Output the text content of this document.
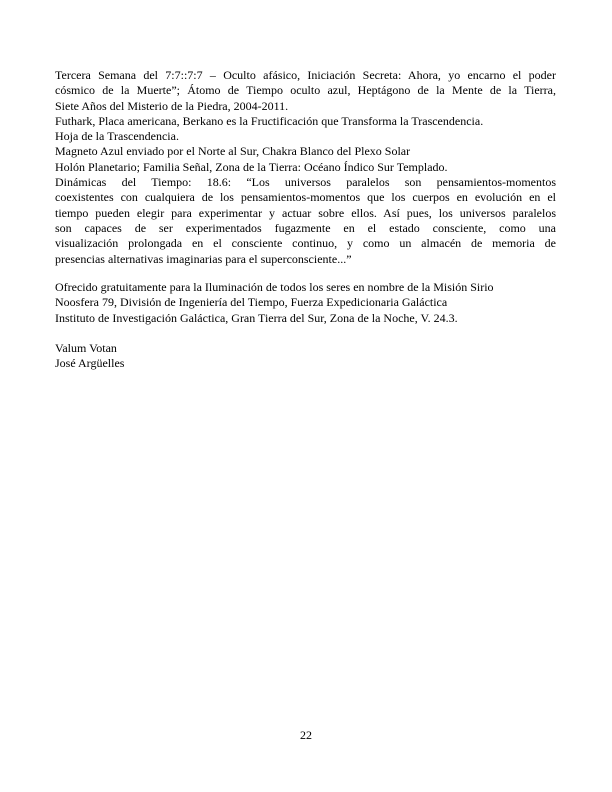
Tercera Semana del 7:7::7:7 – Oculto afásico, Iniciación Secreta: Ahora, yo encarno el poder
cósmico de la Muerte”; Átomo de Tiempo oculto azul, Heptágono de la Mente de la Tierra,
Siete Años del Misterio de la Piedra, 2004-2011.
Futhark, Placa americana, Berkano es la Fructificación que Transforma la Trascendencia.
Hoja de la Trascendencia.
Magneto Azul enviado por el Norte al Sur, Chakra Blanco del Plexo Solar
Holón Planetario; Familia Señal, Zona de la Tierra: Océano Índico Sur Templado.
Dinámicas del Tiempo: 18.6: “Los universos paralelos son pensamientos-momentos
coexistentes con cualquiera de los pensamientos-momentos que los cuerpos en evolución en el
tiempo pueden elegir para experimentar y actuar sobre ellos. Así pues, los universos paralelos
son capaces de ser experimentados fugazmente en el estado consciente, como una
visualización prolongada en el consciente continuo, y como un almacén de memoria de
presencias alternativas imaginarias para el superconsciente...”
Ofrecido gratuitamente para la Iluminación de todos los seres en nombre de la Misión Sirio
Noosfera 79, División de Ingeniería del Tiempo, Fuerza Expedicionaria Galáctica
Instituto de Investigación Galáctica, Gran Tierra del Sur, Zona de la Noche, V. 24.3.
Valum Votan
José Argüelles
22
